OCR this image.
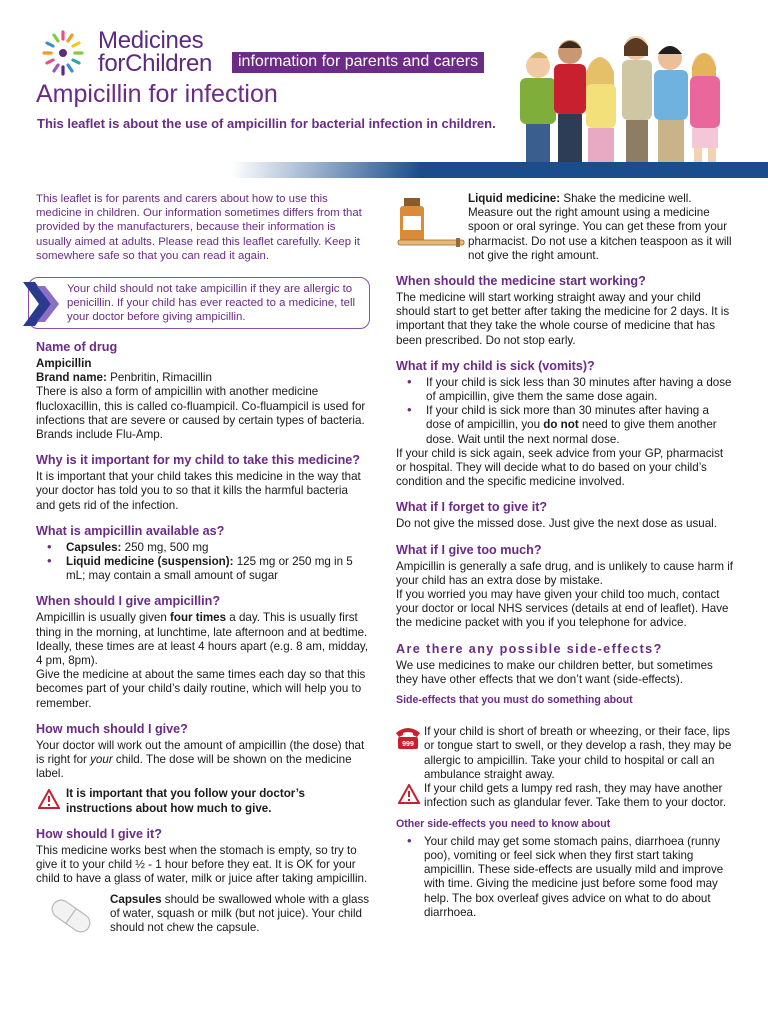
Medicines
forChildren	information for parents and carers
Ampicillin for infection
This leaflet is about the use of ampicillin for bacterial infection in children.

This leaflet is for parents and carers about how to use this medicine in children. Our information sometimes differs from that provided by the manufacturers, because their information is usually aimed at adults. Please read this leaflet carefully. Keep it somewhere safe so that you can read it again.

Your child should not take ampicillin if they are allergic to penicillin. If your child has ever reacted to a medicine, tell your doctor before giving ampicillin.
Name of drug

Ampicillin

Brand name: Penbritin, Rimacillin

There is also a form of ampicillin with another medicine flucloxacillin, this is called co-fluampicil. Co-fluampicil is used for infections that are severe or caused by certain types of bacteria. Brands include Flu-Amp.

Why is it important for my child to take this medicine?

It is important that your child takes this medicine in the way that your doctor has told you to so that it kills the harmful bacteria and gets rid of the infection.

What is ampicillin available as?
• Capsules: 250 mg, 500 mg
• Liquid medicine (suspension): 125 mg or 250 mg in 5 mL; may contain a small amount of sugar
When should I give ampicillin?

Ampicillin is usually given four times a day. This is usually first thing in the morning, at lunchtime, late afternoon and at bedtime. Ideally, these times are at least 4 hours apart (e.g. 8 am, midday, 4 pm, 8pm).

Give the medicine at about the same times each day so that this becomes part of your child’s daily routine, which will help you to remember.

How much should I give?

Your doctor will work out the amount of ampicillin (the dose) that is right for your child. The dose will be shown on the medicine label.

It is important that you follow your doctor’s instructions about how much to give.
How should I give it?

This medicine works best when the stomach is empty, so try to give it to your child ½ - 1 hour before they eat. It is OK for your child to have a glass of water, milk or juice after taking ampicillin.

Capsules should be swallowed whole with a glass of water, squash or milk (but not juice). Your child should not chew the capsule.
Liquid medicine: Shake the medicine well. Measure out the right amount using a medicine spoon or oral syringe. You can get these from your pharmacist. Do not use a kitchen teaspoon as it will not give the right amount.
When should the medicine start working?

The medicine will start working straight away and your child should start to get better after taking the medicine for 2 days. It is important that they take the whole course of medicine that has been prescribed. Do not stop early.

What if my child is sick (vomits)?
• If your child is sick less than 30 minutes after having a dose of ampicillin, give them the same dose again.
• If your child is sick more than 30 minutes after having a dose of ampicillin, you do not need to give them another dose. Wait until the next normal dose.

If your child is sick again, seek advice from your GP, pharmacist or hospital. They will decide what to do based on your child’s condition and the specific medicine involved.

What if I forget to give it?

Do not give the missed dose. Just give the next dose as usual.

What if I give too much?

Ampicillin is generally a safe drug, and is unlikely to cause harm if your child has an extra dose by mistake.

If you worried you may have given your child too much, contact your doctor or local NHS services (details at end of leaflet). Have the medicine packet with you if you telephone for advice.

Are there any possible side-effects?

We use medicines to make our children better, but sometimes they have other effects that we don’t want (side-effects).

Side-effects that you must do something about
999
If your child is short of breath or wheezing, or their face, lips or tongue start to swell, or they develop a rash, they may be allergic to ampicillin. Take your child to hospital or call an ambulance straight away.
If your child gets a lumpy red rash, they may have another infection such as glandular fever. Take them to your doctor.
Other side-effects you need to know about
• Your child may get some stomach pains, diarrhoea (runny poo), vomiting or feel sick when they first start taking ampicillin. These side-effects are usually mild and improve with time. Giving the medicine just before some food may help. The box overleaf gives advice on what to do about diarrhoea.
